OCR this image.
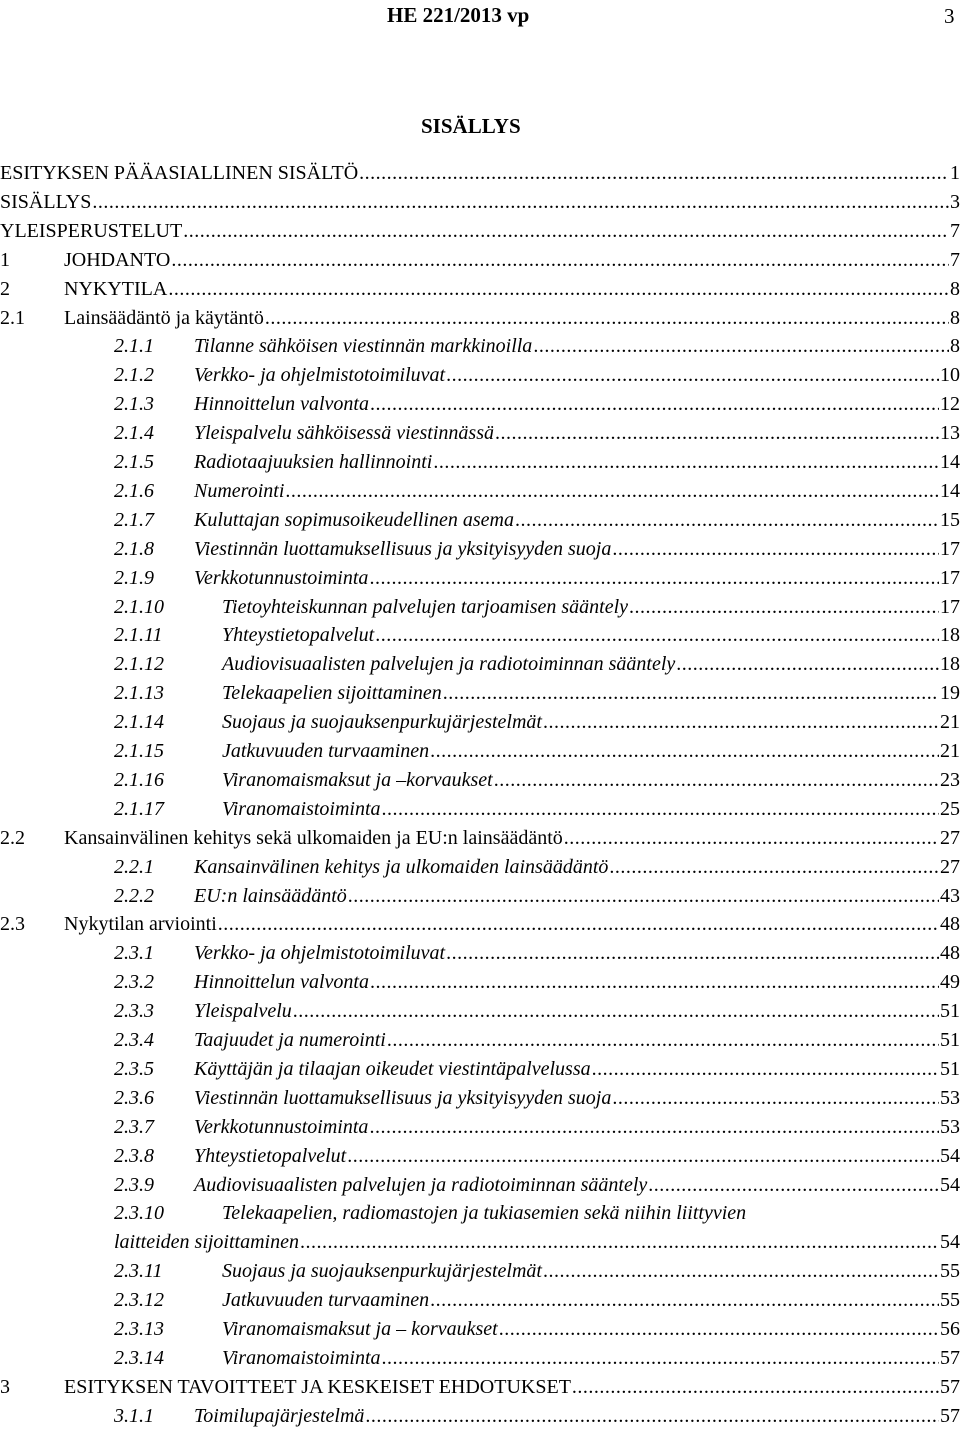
HE 221/2013 vp	3
SISÄLLYS
ESITYKSEN PÄÄASIALLINEN SISÄLTÖ .....	1
SISÄLLYS .....	3
YLEISPERUSTELUT .....	7
1	JOHDANTO .....	7
2	NYKYTILA .....	8
2.1 Lainsäädäntö ja käytäntö .....	8
2.1.1 Tilanne sähköisen viestinnän markkinoilla .....	8
2.1.2 Verkko- ja ohjelmistotoimiluvat .....	10
2.1.3 Hinnoittelun valvonta .....	12
2.1.4 Yleispalvelu sähköisessä viestinnässä .....	13
2.1.5 Radiotaajuuksien hallinnointi .....	14
2.1.6 Numerointi .....	14
2.1.7 Kuluttajan sopimusoikeudellinen asema .....	15
2.1.8 Viestinnän luottamuksellisuus ja yksityisyyden suoja .....	17
2.1.9 Verkkotunnustoiminta .....	17
2.1.10	Tietoyhteiskunnan palvelujen tarjoamisen sääntely .....	17
2.1.11	Yhteystietopalvelut .....	18
2.1.12	Audiovisuaalisten palvelujen ja radiotoiminnan sääntely .....	18
2.1.13	Telekaapelien sijoittaminen .....	19
2.1.14	Suojaus ja suojauksenpurkujärjestelmät .....	21
2.1.15	Jatkuvuuden turvaaminen .....	21
2.1.16	Viranomaismaksut ja –korvaukset .....	23
2.1.17	Viranomaistoiminta .....	25
2.2 Kansainvälinen kehitys sekä ulkomaiden ja EU:n lainsäädäntö .....	27
2.2.1 Kansainvälinen kehitys ja ulkomaiden lainsäädäntö .....	27
2.2.2 EU:n lainsäädäntö .....	43
2.3 Nykytilan arviointi .....	48
2.3.1 Verkko- ja ohjelmistotoimiluvat .....	48
2.3.2 Hinnoittelun valvonta .....	49
2.3.3 Yleispalvelu .....	51
2.3.4 Taajuudet ja numerointi .....	51
2.3.5 Käyttäjän ja tilaajan oikeudet viestintäpalvelussa .....	51
2.3.6 Viestinnän luottamuksellisuus ja yksityisyyden suoja .....	53
2.3.7 Verkkotunnustoiminta .....	53
2.3.8 Yhteystietopalvelut .....	54
2.3.9 Audiovisuaalisten palvelujen ja radiotoiminnan sääntely .....	54
2.3.10	Telekaapelien, radiomastojen ja tukiasemien sekä niihin liittyvien
laitteiden sijoittaminen .....	54
2.3.11	Suojaus ja suojauksenpurkujärjestelmät .....	55
2.3.12	Jatkuvuuden turvaaminen .....	55
2.3.13	Viranomaismaksut ja – korvaukset .....	56
2.3.14	Viranomaistoiminta .....	57
3	ESITYKSEN TAVOITTEET JA KESKEISET EHDOTUKSET .....	57
3.1.1 Toimilupajärjestelmä .....	57
